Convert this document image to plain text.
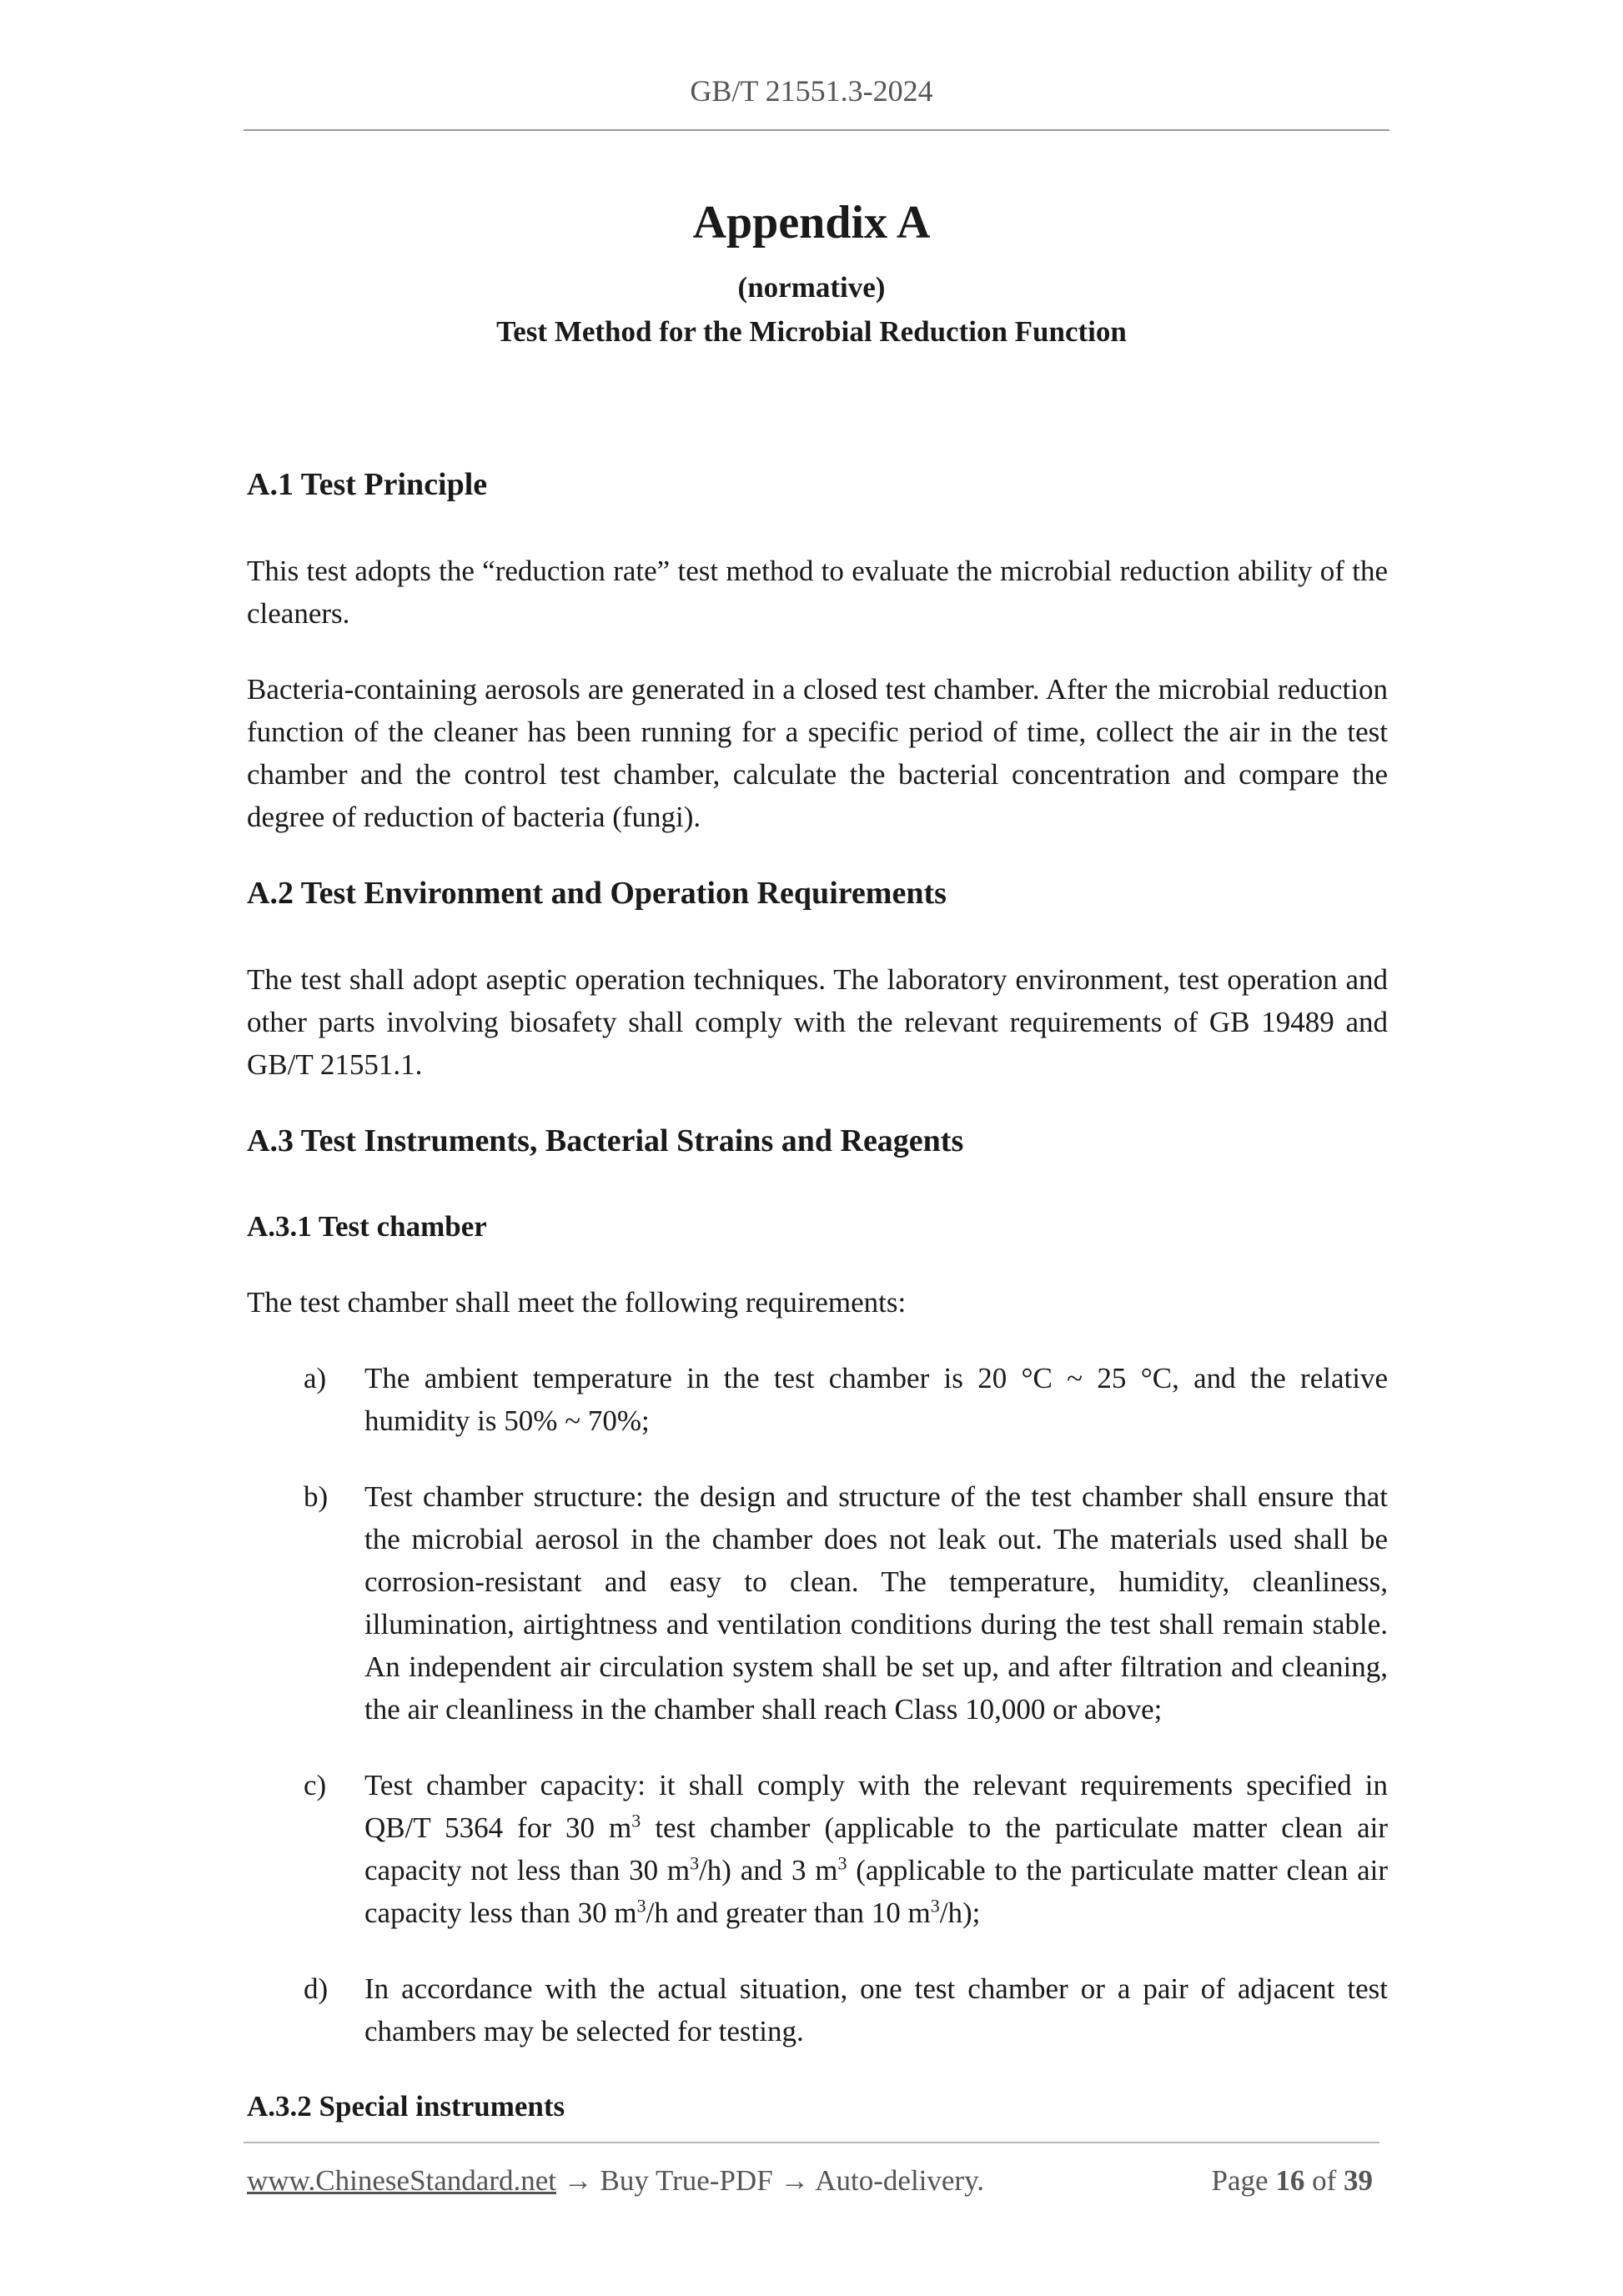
GB/T 21551.3-2024
Appendix A
(normative)
Test Method for the Microbial Reduction Function
A.1 Test Principle
This test adopts the “reduction rate” test method to evaluate the microbial reduction ability of the cleaners.
Bacteria-containing aerosols are generated in a closed test chamber. After the microbial reduction function of the cleaner has been running for a specific period of time, collect the air in the test chamber and the control test chamber, calculate the bacterial concentration and compare the degree of reduction of bacteria (fungi).
A.2 Test Environment and Operation Requirements
The test shall adopt aseptic operation techniques. The laboratory environment, test operation and other parts involving biosafety shall comply with the relevant requirements of GB 19489 and GB/T 21551.1.
A.3 Test Instruments, Bacterial Strains and Reagents
A.3.1 Test chamber
The test chamber shall meet the following requirements:
a)	The ambient temperature in the test chamber is 20 °C ~ 25 °C, and the relative humidity is 50% ~ 70%;
b)	Test chamber structure: the design and structure of the test chamber shall ensure that the microbial aerosol in the chamber does not leak out. The materials used shall be corrosion-resistant and easy to clean. The temperature, humidity, cleanliness, illumination, airtightness and ventilation conditions during the test shall remain stable. An independent air circulation system shall be set up, and after filtration and cleaning, the air cleanliness in the chamber shall reach Class 10,000 or above;
c)	Test chamber capacity: it shall comply with the relevant requirements specified in QB/T 5364 for 30 $m^3$ test chamber (applicable to the particulate matter clean air capacity not less than 30 $m^3/h$) and 3 $m^3$ (applicable to the particulate matter clean air capacity less than 30 $m^3/h$ and greater than 10 $m^3/h$);
d)	In accordance with the actual situation, one test chamber or a pair of adjacent test chambers may be selected for testing.
A.3.2 Special instruments
www.ChineseStandard.net → Buy True-PDF → Auto-delivery.	Page 16 of 39
